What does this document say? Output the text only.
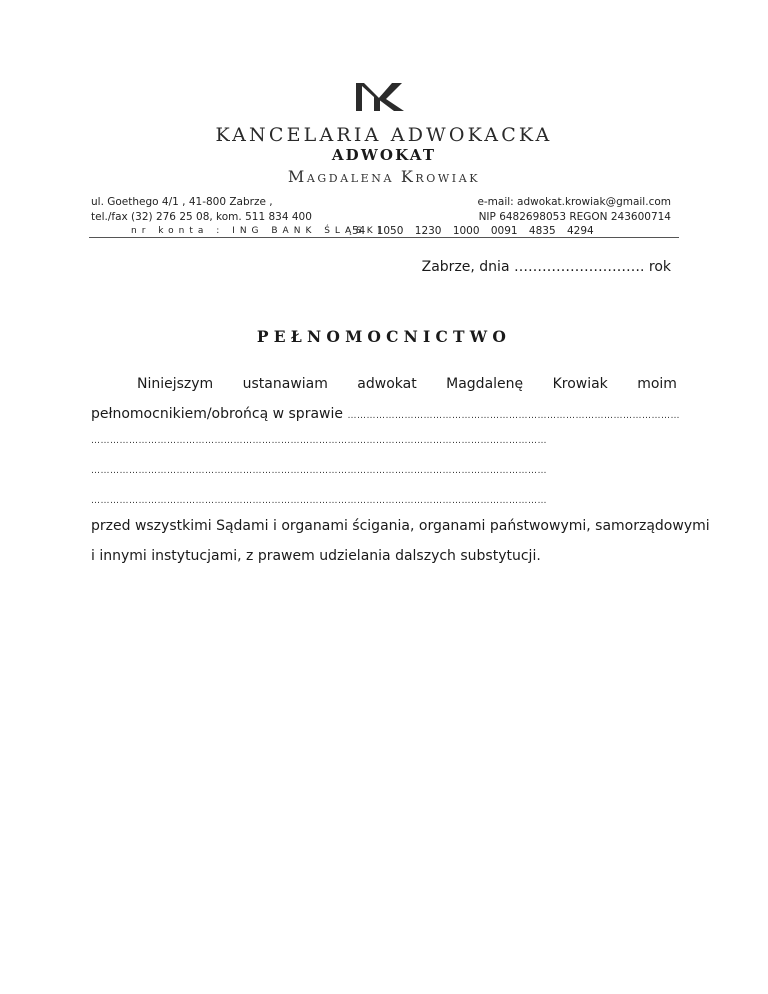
KANCELARIA ADWOKACKA
ADWOKAT
Magdalena Krowiak
ul. Goethego 4/1 , 41-800 Zabrze ,
tel./fax (32) 276 25 08, kom. 511 834 400
nr konta : ING BANK ŚLĄSKI
54 1050 1230 1000 0091 4835 4294
e-mail: adwokat.krowiak@gmail.com
NIP 6482698053 REGON 243600714
Zabrze, dnia ………………………. rok
PEŁNOMOCNICTWO
Niniejszym ustanawiam adwokat Magdalenę Krowiak moim
pełnomocnikiem/obrońcą w sprawie ……………………………………………………………………………………………
………………………………………………………………………………………………………………………………
………………………………………………………………………………………………………………………………
………………………………………………………………………………………………………………………………
przed wszystkimi Sądami i organami ścigania, organami państwowymi, samorządowymi
i innymi instytucjami, z prawem udzielania dalszych substytucji.
